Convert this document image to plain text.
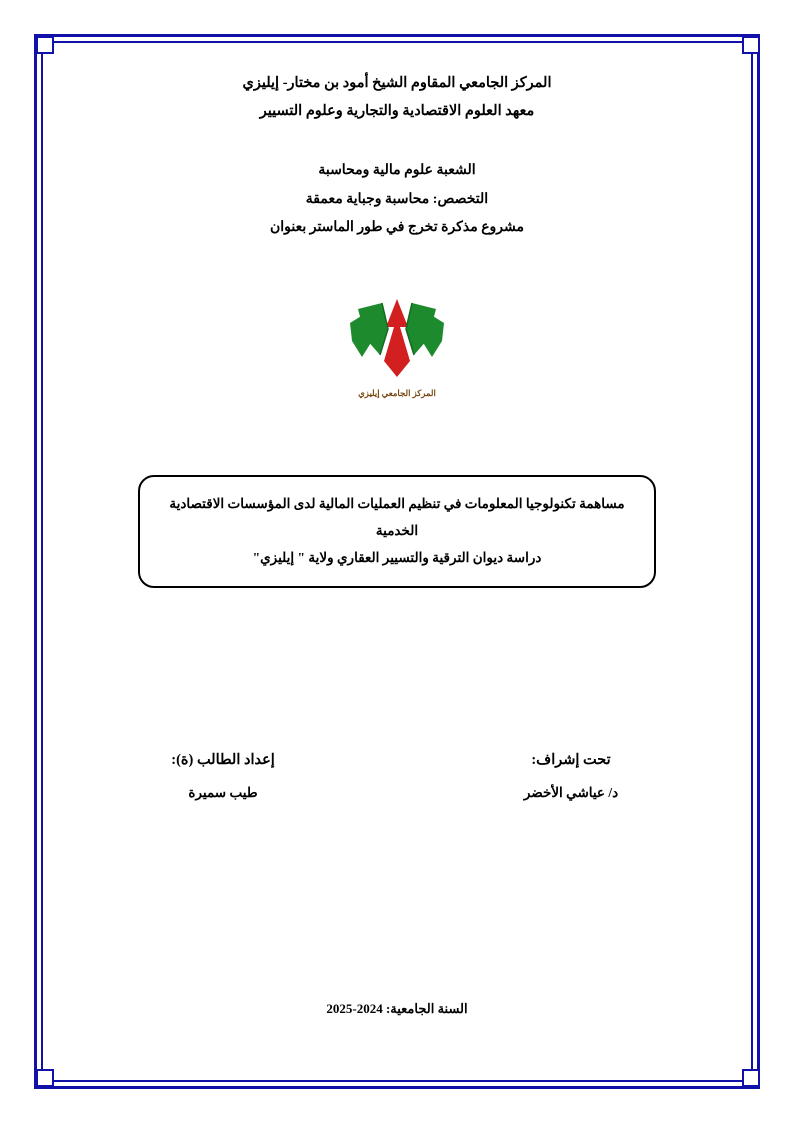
المركز الجامعي المقاوم الشيخ أمود بن مختار- إيليزي
معهد العلوم الاقتصادية والتجارية وعلوم التسيير
الشعبة علوم مالية ومحاسبة
التخصص: محاسبة وجباية معمقة
مشروع مذكرة تخرج في طور الماستر بعنوان
المركز الجامعي إيليزي
مساهمة تكنولوجيا المعلومات في تنظيم العمليات المالية لدى المؤسسات الاقتصادية الخدمية
دراسة ديوان الترقية والتسيير العقاري ولاية " إيليزي"
تحت إشراف:
د/ عياشي الأخضر
إعداد الطالب (ة):
طيب سميرة
السنة الجامعية: 2024-2025
